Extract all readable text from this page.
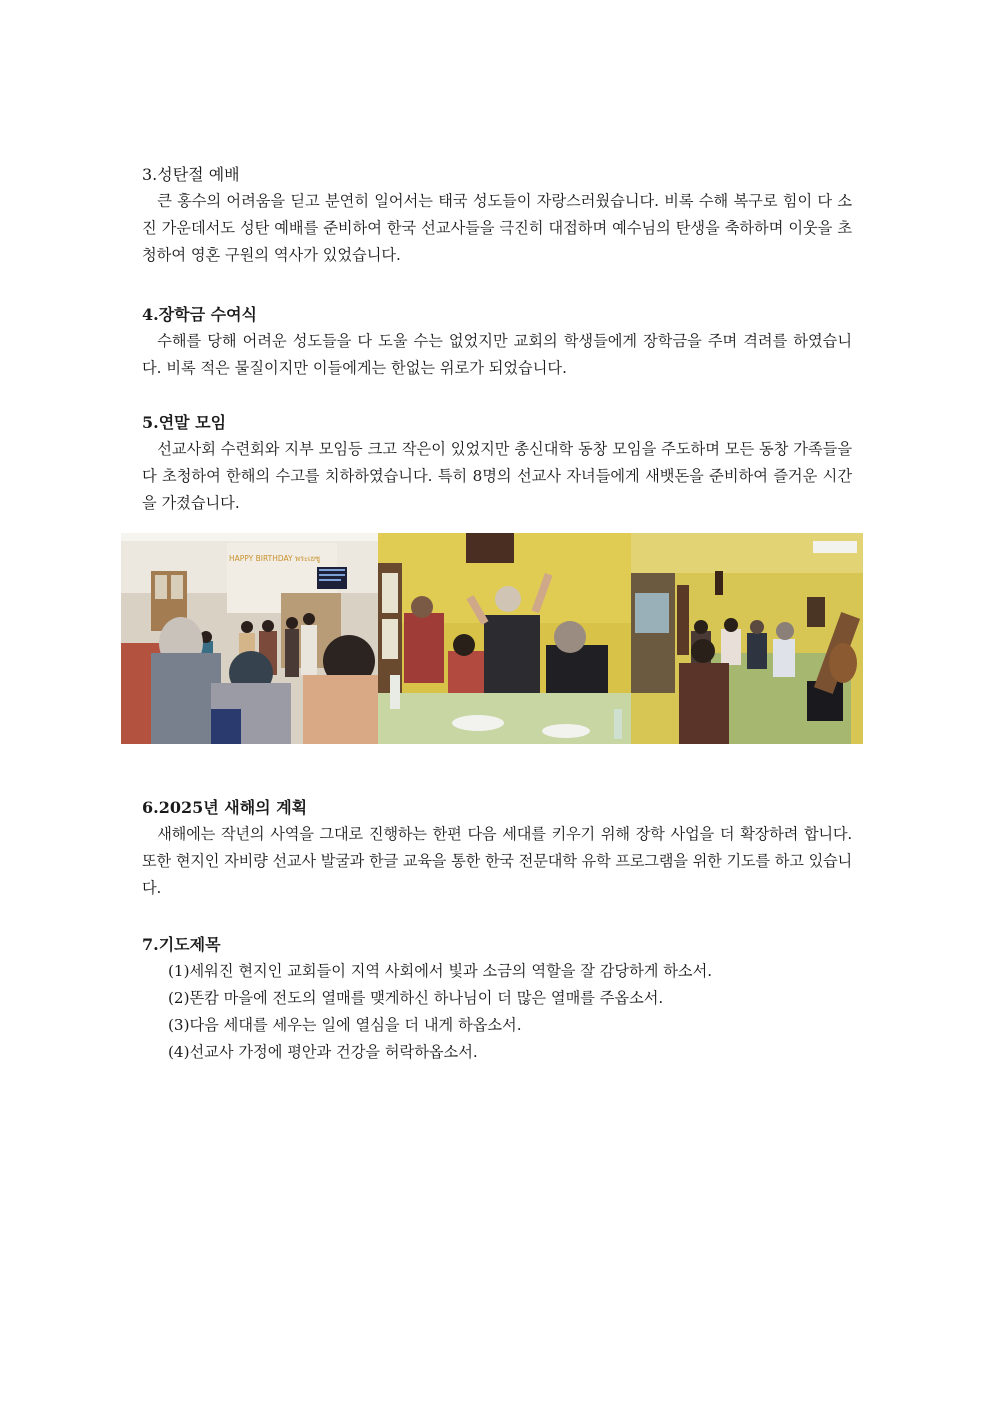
3.성탄절 예배

큰 홍수의 어려움을 딛고 분연히 일어서는 태국 성도들이 자랑스러웠습니다. 비록 수해 복구로 힘이 다 소진 가운데서도 성탄 예배를 준비하여 한국 선교사들을 극진히 대접하며 예수님의 탄생을 축하하며 이웃을 초청하여 영혼 구원의 역사가 있었습니다.

4.장학금 수여식

수해를 당해 어려운 성도들을 다 도울 수는 없었지만 교회의 학생들에게 장학금을 주며 격려를 하였습니다. 비록 적은 물질이지만 이들에게는 한없는 위로가 되었습니다.

5.연말 모임

선교사회 수련회와 지부 모임등 크고 작은이 있었지만 총신대학 동창 모임을 주도하며 모든 동창 가족들을 다 초청하여 한해의 수고를 치하하였습니다. 특히 8명의 선교사 자녀들에게 새뱃돈을 준비하여 즐거운 시간을 가졌습니다.

HAPPY BIRTHDAY พระเยซู
6.2025년 새해의 계획

새해에는 작년의 사역을 그대로 진행하는 한편 다음 세대를 키우기 위해 장학 사업을 더 확장하려 합니다. 또한 현지인 자비량 선교사 발굴과 한글 교육을 통한 한국 전문대학 유학 프로그램을 위한 기도를 하고 있습니다.

7.기도제목
(1)세워진 현지인 교회들이 지역 사회에서 빛과 소금의 역할을 잘 감당하게 하소서.
(2)똔캄 마을에 전도의 열매를 맺게하신 하나님이 더 많은 열매를 주옵소서.
(3)다음 세대를 세우는 일에 열심을 더 내게 하옵소서.
(4)선교사 가정에 평안과 건강을 허락하옵소서.
